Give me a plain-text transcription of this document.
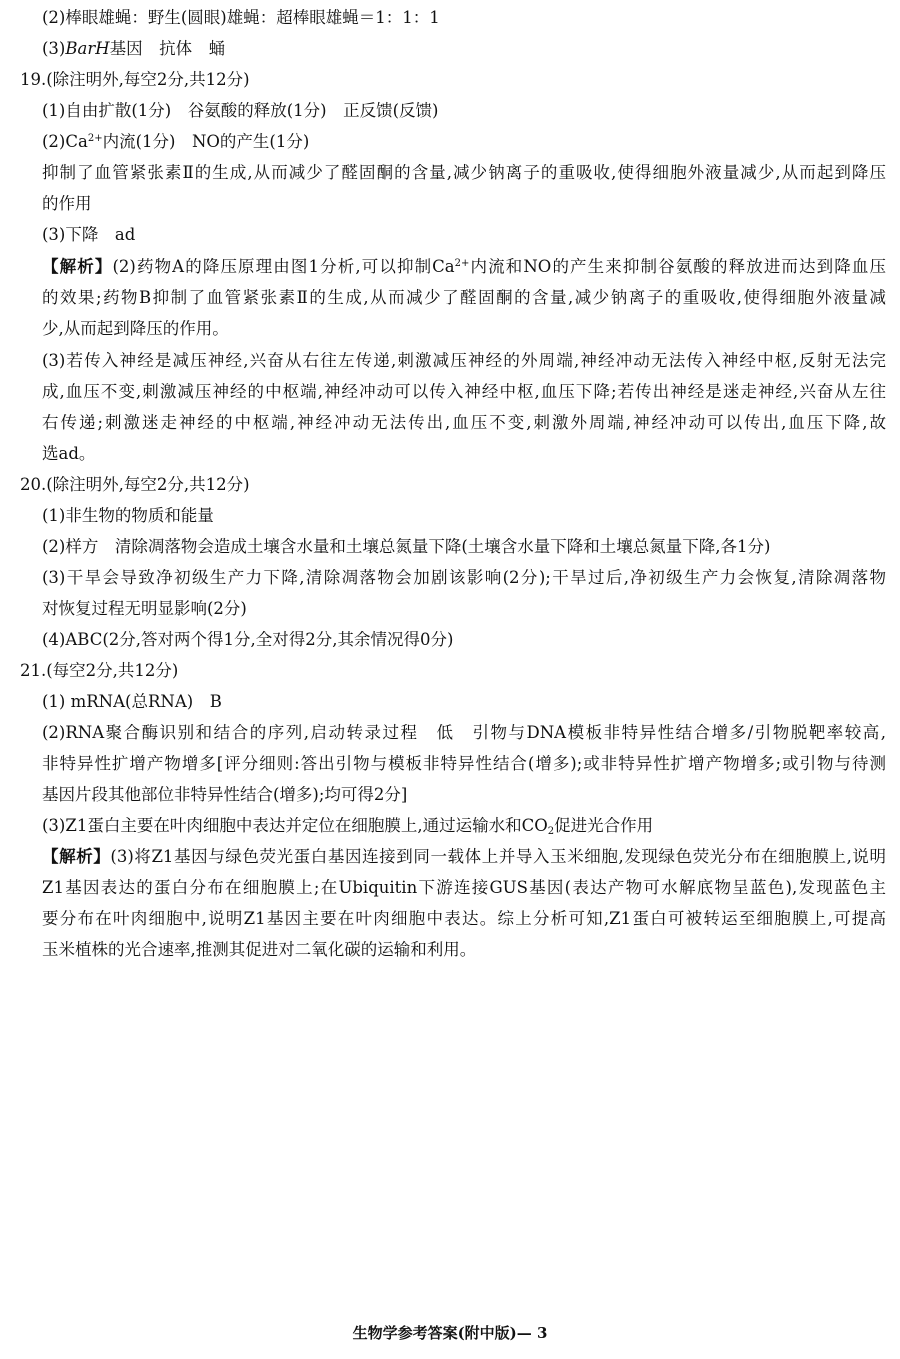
(2)棒眼雄蝇：野生(圆眼)雄蝇：超棒眼雄蝇＝1：1：1
(3)BarH基因　抗体　蛹
19.(除注明外,每空2分,共12分)
(1)自由扩散(1分)　谷氨酸的释放(1分)　正反馈(反馈)
$(2)Ca^{2+}$内流(1分)　NO的产生(1分)
抑制了血管紧张素Ⅱ的生成,从而减少了醛固酮的含量,减少钠离子的重吸收,使得细胞外液量减少,从而起到降压
的作用
(3)下降　ad
【解析】(2)药物A的降压原理由图1分析,可以抑制$Ca^{2+}$内流和NO的产生来抑制谷氨酸的释放进而达到降血压
的效果;药物B抑制了血管紧张素Ⅱ的生成,从而减少了醛固酮的含量,减少钠离子的重吸收,使得细胞外液量减
少,从而起到降压的作用。
(3)若传入神经是减压神经,兴奋从右往左传递,刺激减压神经的外周端,神经冲动无法传入神经中枢,反射无法完
成,血压不变,刺激减压神经的中枢端,神经冲动可以传入神经中枢,血压下降;若传出神经是迷走神经,兴奋从左往
右传递;刺激迷走神经的中枢端,神经冲动无法传出,血压不变,刺激外周端,神经冲动可以传出,血压下降,故
选ad。
20.(除注明外,每空2分,共12分)
(1)非生物的物质和能量
(2)样方　清除凋落物会造成土壤含水量和土壤总氮量下降(土壤含水量下降和土壤总氮量下降,各1分)
(3)干旱会导致净初级生产力下降,清除凋落物会加剧该影响(2分);干旱过后,净初级生产力会恢复,清除凋落物
对恢复过程无明显影响(2分)
(4)ABC(2分,答对两个得1分,全对得2分,其余情况得0分)
21.(每空2分,共12分)
(1) mRNA(总RNA)　B
(2)RNA聚合酶识别和结合的序列,启动转录过程　低　引物与DNA模板非特异性结合增多/引物脱靶率较高,
非特异性扩增产物增多[评分细则:答出引物与模板非特异性结合(增多);或非特异性扩增产物增多;或引物与待测
基因片段其他部位非特异性结合(增多);均可得2分]
(3)Z1蛋白主要在叶肉细胞中表达并定位在细胞膜上,通过运输水和$CO_2$促进光合作用
【解析】(3)将Z1基因与绿色荧光蛋白基因连接到同一载体上并导入玉米细胞,发现绿色荧光分布在细胞膜上,说明
Z1基因表达的蛋白分布在细胞膜上;在Ubiquitin下游连接GUS基因(表达产物可水解底物呈蓝色),发现蓝色主
要分布在叶肉细胞中,说明Z1基因主要在叶肉细胞中表达。综上分析可知,Z1蛋白可被转运至细胞膜上,可提高
玉米植株的光合速率,推测其促进对二氧化碳的运输和利用。
生物学参考答案(附中版)— 3
